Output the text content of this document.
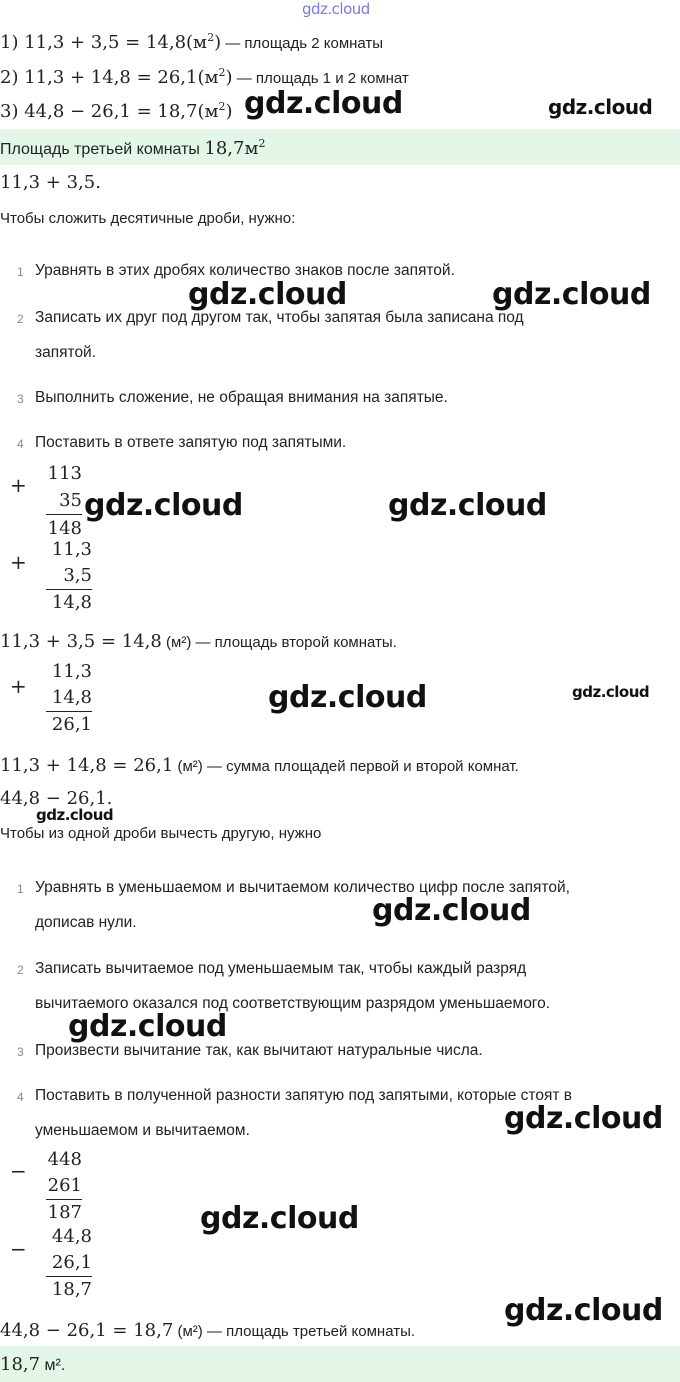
gdz.cloud
1) $11,3 + 3,5 = 14,8(м^2)$ — площадь 2 комнаты
2) $11,3 + 14,8 = 26,1(м^2)$ — площадь 1 и 2 комнат
3) $44,8 - 26,1 = 18,7(м^2)$ gdz.cloud	gdz.cloud
Площадь третьей комнаты $18,7м^2$
11,3 + 3,5.
Чтобы сложить десятичные дроби, нужно:
1 Уравнять в этих дробях количество знаков после запятой.
2 Записать их друг под другом так, чтобы запятая была записана под
запятой.
3 Выполнить сложение, не обращая внимания на запятые.
4 Поставить в ответе запятую под запятыми.
gdz.cloud	gdz.cloud
+ 113
35
148
gdz.cloud	gdz.cloud
+
11,3
3,5
14,8
11,3 + 3,5 = 14,8 (м²) — площадь второй комнаты.
+
11,3
14,8
26,1
gdz.cloud	gdz.cloud
11,3 + 14,8 = 26,1 (м²) — сумма площадей первой и второй комнат.
44,8 − 26,1.
gdz.cloud
Чтобы из одной дроби вычесть другую, нужно
1 Уравнять в уменьшаемом и вычитаемом количество цифр после запятой,
дописав нули.	gdz.cloud
2 Записать вычитаемое под уменьшаемым так, чтобы каждый разряд
вычитаемого оказался под соответствующим разрядом уменьшаемого.
gdz.cloud
3 Произвести вычитание так, как вычитают натуральные числа.
4 Поставить в полученной разности запятую под запятыми, которые стоят в
уменьшаемом и вычитаемом.	gdz.cloud
− 448
261
187	gdz.cloud
−
44,8
26,1
18,7
gdz.cloud
44,8 − 26,1 = 18,7 (м²) — площадь третьей комнаты.
18,7 м².
